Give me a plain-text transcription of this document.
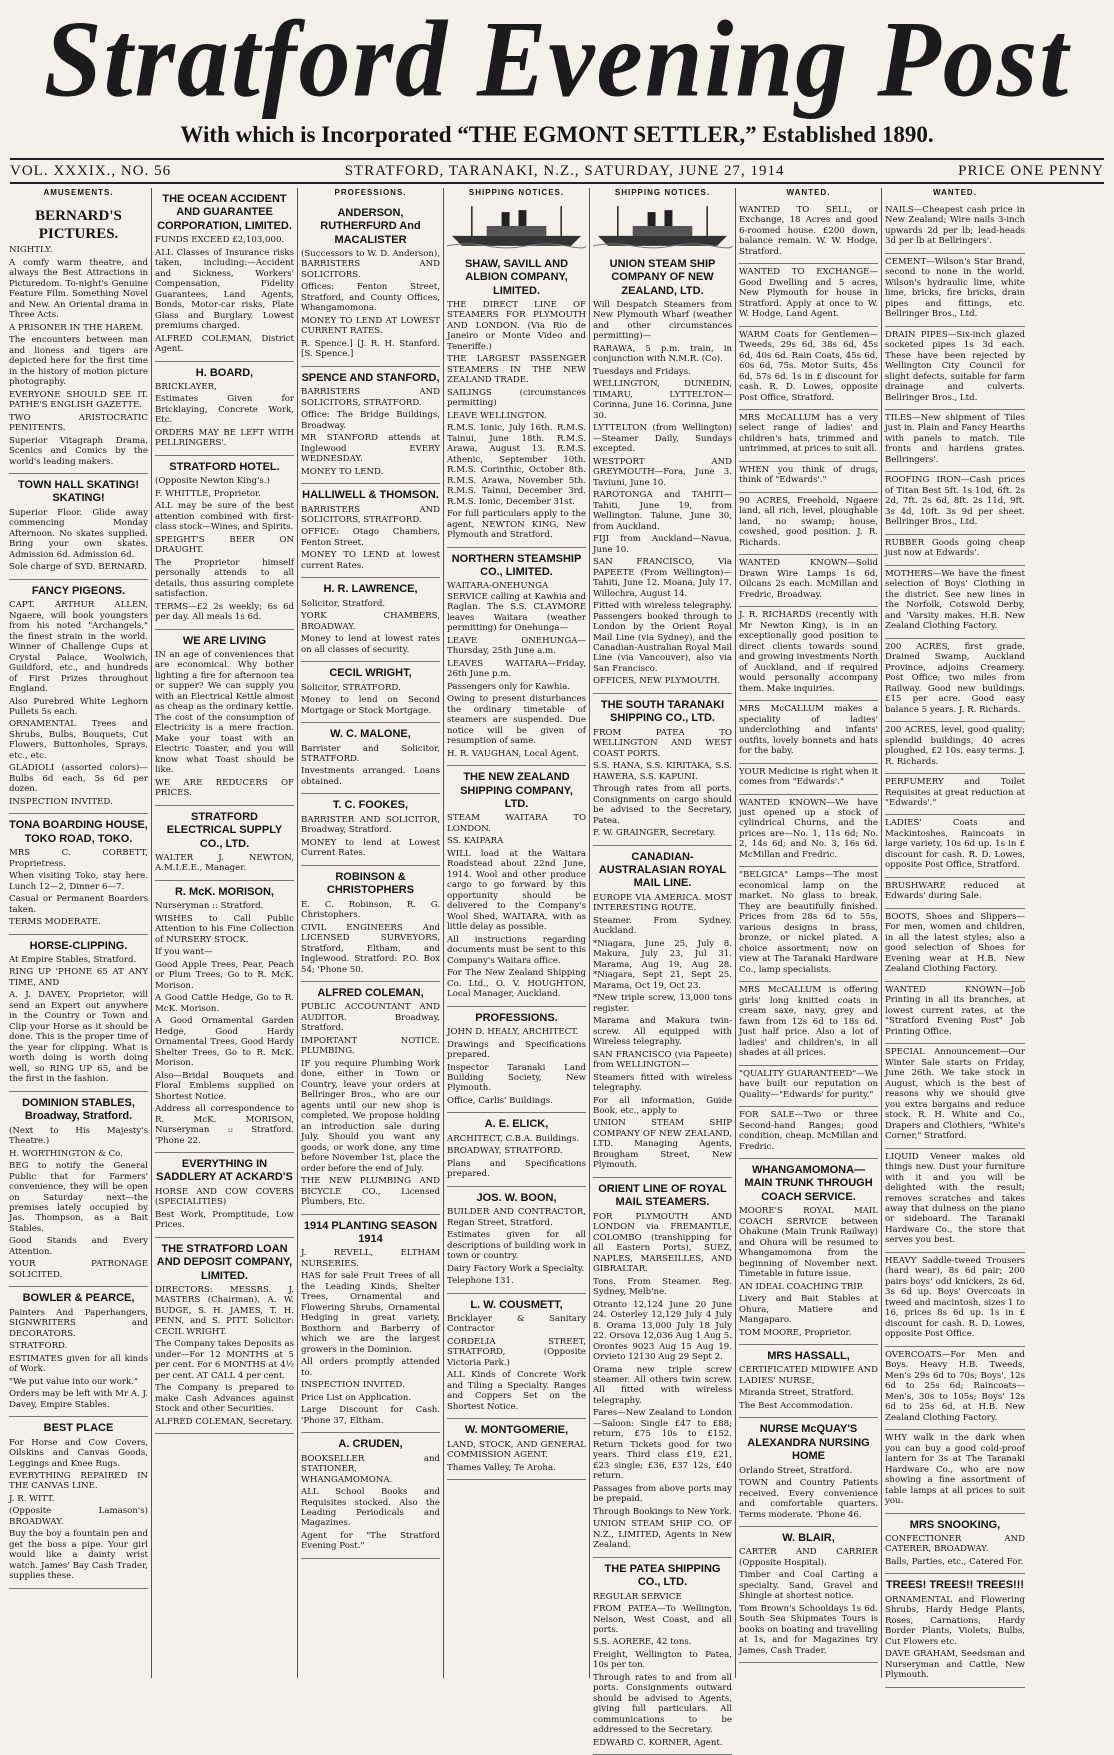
Stratford Evening Post
With which is Incorporated “THE EGMONT SETTLER,” Established 1890.
VOL. XXXIX., NO. 56	STRATFORD, TARANAKI, N.Z., SATURDAY, JUNE 27, 1914	PRICE ONE PENNY
AMUSEMENTS.
BERNARD'S PICTURES.

NIGHTLY.

A comfy warm theatre, and always the Best Attractions in Picturedom. To-night's Genuine Feature Film. Something Novel and New. An Oriental drama in Three Acts.

A PRISONER IN THE HAREM.

The encounters between man and lioness and tigers are depicted here for the first time in the history of motion picture photography.

EVERYONE SHOULD SEE IT. PATHE'S ENGLISH GAZETTE.

TWO ARISTOCRATIC PENITENTS.

Superior Vitagraph Drama, Scenics and Comics by the world's leading makers.

TOWN HALL SKATING! SKATING!

Superior Floor. Glide away commencing Monday Afternoon. No skates supplied. Bring your own skates. Admission 6d. Admission 6d.

Sole charge of SYD. BERNARD.

FANCY PIGEONS.

CAPT. ARTHUR ALLEN, Ngaere, will book youngsters from his noted "Archangels," the finest strain in the world. Winner of Challenge Cups at Crystal Palace, Woolwich, Guildford, etc., and hundreds of First Prizes throughout England.

Also Purebred White Leghorn Pullets 5s each.

ORNAMENTAL Trees and Shrubs, Bulbs, Bouquets, Cut Flowers, Buttonholes, Sprays, etc., etc.

GLADIOLI (assorted colors)—Bulbs 6d each, 5s 6d per dozen.

INSPECTION INVITED.

TONA BOARDING HOUSE, TOKO ROAD, TOKO.

MRS C. CORBETT, Proprietress.

When visiting Toko, stay here. Lunch 12—2, Dinner 6—7.

Casual or Permanent Boarders taken.

TERMS MODERATE.

HORSE-CLIPPING.

At Empire Stables, Stratford.

RING UP 'PHONE 65 AT ANY TIME, AND

A. J. DAVEY, Proprietor, will send an Expert out anywhere in the Country or Town and Clip your Horse as it should be done. This is the proper time of the year for clipping. What is worth doing is worth doing well, so RING UP 65, and be the first in the fashion.

DOMINION STABLES, Broadway, Stratford.

(Next to His Majesty's Theatre.)

H. WORTHINGTON & Co.

BEG to notify the General Public that for Farmers' convenience, they will be open on Saturday next—the premises lately occupied by Jas. Thompson, as a Bait Stables.

Good Stands and Every Attention.

YOUR PATRONAGE SOLICITED.

BOWLER & PEARCE,

Painters And Paperhangers, SIGNWRITERS and DECORATORS.

STRATFORD.

ESTIMATES given for all kinds of Work.

"We put value into our work."

Orders may be left with Mr A. J. Davey, Empire Stables.

BEST PLACE

For Horse and Cow Covers, Oilskins and Canvas Goods, Leggings and Knee Rugs.

EVERYTHING REPAIRED IN THE CANVAS LINE.

J. R. WITT.

(Opposite Lamason's) BROADWAY.

Buy the boy a fountain pen and get the boss a pipe. Your girl would like a dainty wrist watch. James' Bay Cash Trader, supplies these.

THE OCEAN ACCIDENT AND GUARANTEE CORPORATION, LIMITED.

FUNDS EXCEED £2,103,000.

ALL Classes of Insurance risks taken, including:—Accident and Sickness, Workers' Compensation, Fidelity Guarantees, Land Agents, Bonds, Motor-car risks, Plate Glass and Burglary. Lowest premiums charged.

ALFRED COLEMAN, District Agent.

H. BOARD,

BRICKLAYER,

Estimates Given for Bricklaying, Concrete Work, Etc.

ORDERS MAY BE LEFT WITH PELLRINGERS'.

STRATFORD HOTEL.

(Opposite Newton King's.)

F. WHITTLE, Proprietor.

ALL may be sure of the best attention combined with first-class stock—Wines, and Spirits.

SPEIGHT'S BEER ON DRAUGHT.

The Proprietor himself personally attends to all details, thus assuring complete satisfaction.

TERMS—£2 2s weekly; 6s 6d per day. All meals 1s 6d.

WE ARE LIVING

IN an age of conveniences that are economical. Why bother lighting a fire for afternoon tea or supper? We can supply you with an Electrical Kettle almost as cheap as the ordinary kettle. The cost of the consumption of Electricity is a mere fraction. Make your toast with an Electric Toaster, and you will know what Toast should be like.

WE ARE REDUCERS OF PRICES.

STRATFORD ELECTRICAL SUPPLY CO., LTD.

WALTER J. NEWTON, A.M.I.E.E., Manager.

R. McK. MORISON,

Nurseryman :: Stratford.

WISHES to Call Public Attention to his Fine Collection of NURSERY STOCK.

If you want—

Good Apple Trees, Pear, Peach or Plum Trees, Go to R. McK. Morison.

A Good Cattle Hedge, Go to R. McK. Morison.

A Good Ornamental Garden Hedge, Good Hardy Ornamental Trees, Good Hardy Shelter Trees, Go to R. McK. Morison.

Also—Bridal Bouquets and Floral Emblems supplied on Shortest Notice.

Address all correspondence to R. McK. MORISON, Nurseryman :: Stratford. 'Phone 22.

EVERYTHING IN SADDLERY AT ACKARD'S

HORSE AND COW COVERS (SPECIALITIES)

Best Work, Promptitude, Low Prices.

THE STRATFORD LOAN AND DEPOSIT COMPANY, LIMITED.

DIRECTORS: MESSRS. J. MASTERS (Chairman), A. W. BUDGE, S. H. JAMES, T. H. PENN, and S. PITT. Solicitor: CECIL WRIGHT.

The Company takes Deposits as under—For 12 MONTHS at 5 per cent. For 6 MONTHS at 4½ per cent. AT CALL 4 per cent.

The Company is prepared to make Cash Advances against Stock and other Securities.

ALFRED COLEMAN, Secretary.

PROFESSIONS.
ANDERSON, RUTHERFURD And MACALISTER

(Successors to W. D. Anderson), BARRISTERS AND SOLICITORS.

Offices: Fenton Street, Stratford, and County Offices, Whangamomona.

MONEY TO LEND AT LOWEST CURRENT RATES.

R. Spence.] [J. R. H. Stanford. [S. Spence.]

SPENCE AND STANFORD,

BARRISTERS AND SOLICITORS, STRATFORD.

Office: The Bridge Buildings, Broadway.

MR STANFORD attends at Inglewood EVERY WEDNESDAY.

MONEY TO LEND.

HALLIWELL & THOMSON.

BARRISTERS AND SOLICITORS, STRATFORD.

OFFICE: Otago Chambers, Fenton Street.

MONEY TO LEND at lowest current Rates.

H. R. LAWRENCE,

Solicitor, Stratford.

YORK CHAMBERS, BROADWAY.

Money to lend at lowest rates on all classes of security.

CECIL WRIGHT,

Solicitor, STRATFORD.

Money to lend on Second Mortgage or Stock Mortgage.

W. C. MALONE,

Barrister and Solicitor, STRATFORD.

Investments arranged. Loans obtained.

T. C. FOOKES,

BARRISTER AND SOLICITOR, Broadway, Stratford.

MONEY to lend at Lowest Current Rates.

ROBINSON & CHRISTOPHERS

E. C. Robinson, R. G. Christophers.

CIVIL ENGINEERS And LICENSED SURVEYORS, Stratford, Eltham, and Inglewood. Stratford: P.O. Box 54; 'Phone 50.

ALFRED COLEMAN,

PUBLIC ACCOUNTANT AND AUDITOR. Broadway, Stratford.

IMPORTANT NOTICE. PLUMBING.

IF you require Plumbing Work done, either in Town or Country, leave your orders at Bellringer Bros., who are our agents until our new shop is completed. We propose holding an introduction sale during July. Should you want any goods, or work done, any time before November 1st, place the order before the end of July.

THE NEW PLUMBING AND BICYCLE CO., Licensed Plumbers, Etc.

1914 PLANTING SEASON 1914

J. REVELL, ELTHAM NURSERIES.

HAS for sale Fruit Trees of all the Leading Kinds, Shelter Trees, Ornamental and Flowering Shrubs, Ornamental Hedging in great variety, Boxthorn and Barberry of which we are the largest growers in the Dominion.

All orders promptly attended to.

INSPECTION INVITED.

Price List on Application.

Large Discount for Cash. 'Phone 37, Eltham.

A. CRUDEN,

BOOKSELLER and STATIONER, WHANGAMOMONA.

ALL School Books and Requisites stocked. Also the Leading Periodicals and Magazines.

Agent for "The Stratford Evening Post."

SHIPPING NOTICES.
SHAW, SAVILL AND ALBION COMPANY, LIMITED.

THE DIRECT LINE OF STEAMERS FOR PLYMOUTH AND LONDON. (Via Rio de Janeiro or Monte Video and Teneriffe.)

THE LARGEST PASSENGER STEAMERS IN THE NEW ZEALAND TRADE.

SAILINGS (circumstances permitting)

LEAVE WELLINGTON.

R.M.S. Ionic, July 16th. R.M.S. Tainui, June 18th. R.M.S. Arawa, August 13. R.M.S. Athenic, September 10th. R.M.S. Corinthic, October 8th. R.M.S. Arawa, November 5th. R.M.S. Tainui, December 3rd. R.M.S. Ionic, December 31st.

For full particulars apply to the agent, NEWTON KING, New Plymouth and Stratford.

NORTHERN STEAMSHIP CO., LIMITED.

WAITARA-ONEHUNGA SERVICE calling at Kawhia and Raglan. The S.S. CLAYMORE leaves Waitara (weather permitting) for Onehunga—

LEAVE ONEHUNGA—Thursday, 25th June a.m.

LEAVES WAITARA—Friday, 26th June p.m.

Passengers only for Kawhia.

Owing to present disturbances the ordinary timetable of steamers are suspended. Due notice will be given of resumption of same.

H. R. VAUGHAN, Local Agent.

THE NEW ZEALAND SHIPPING COMPANY, LTD.

STEAM WAITARA TO LONDON.

SS. KAIPARA

WILL load at the Waitara Roadstead about 22nd June, 1914. Wool and other produce cargo to go forward by this opportunity should be delivered to the Company's Wool Shed, WAITARA, with as little delay as possible.

All instructions regarding documents must be sent to this Company's Waitara office.

For The New Zealand Shipping Co. Ltd., O. V. HOUGHTON, Local Manager, Auckland.

PROFESSIONS.

JOHN D. HEALY, ARCHITECT.

Drawings and Specifications prepared.

Inspector Taranaki Land Building Society, New Plymouth.

Office, Carlis' Buildings.

A. E. ELICK,

ARCHITECT, C.B.A. Buildings.

BROADWAY, STRATFORD.

Plans and Specifications prepared.

JOS. W. BOON,

BUILDER AND CONTRACTOR, Regan Street, Stratford.

Estimates given for all descriptions of building work in town or country.

Dairy Factory Work a Specialty.

Telephone 131.

L. W. COUSMETT,

Bricklayer & Sanitary Contractor

CORDELIA STREET, STRATFORD, (Opposite Victoria Park.)

ALL Kinds of Concrete Work and Tiling a Specialty. Ranges and Coppers Set on the Shortest Notice.

W. MONTGOMERIE,

LAND, STOCK, AND GENERAL COMMISSION AGENT.

Thames Valley, Te Aroha.

SHIPPING NOTICES.
UNION STEAM SHIP COMPANY OF NEW ZEALAND, LTD.

Will Despatch Steamers from New Plymouth Wharf (weather and other circumstances permitting)—

RARAWA, 5 p.m. train, in conjunction with N.M.R. (Co).

Tuesdays and Fridays.

WELLINGTON, DUNEDIN, TIMARU, LYTTELTON—Corinna, June 16. Corinna, June 30.

LYTTELTON (from Wellington)—Steamer Daily, Sundays excepted.

WESTPORT AND GREYMOUTH—Fora, June 3. Taviuni, June 10.

RAROTONGA and TAHITI—Tahiti, June 19, from Wellington. Talune, June 30, from Auckland.

FIJI from Auckland—Navua, June 10.

SAN FRANCISCO, Via PAPEETE (From Wellington)—Tahiti, June 12. Moana, July 17. Willochra, August 14.

Fitted with wireless telegraphy. Passengers booked through to London by the Orient Royal Mail Line (via Sydney), and the Canadian-Australian Royal Mail Line (via Vancouver), also via San Francisco.

OFFICES, NEW PLYMOUTH.

THE SOUTH TARANAKI SHIPPING CO., LTD.

FROM PATEA TO WELLINGTON AND WEST COAST PORTS.

S.S. HANA, S.S. KIRITAKA, S.S. HAWERA, S.S. KAPUNI.

Through rates from all ports. Consignments on cargo should be advised to the Secretary, Patea.

F. W. GRAINGER, Secretary.

CANADIAN-AUSTRALASIAN ROYAL MAIL LINE.

EUROPE VIA AMERICA. MOST INTERESTING ROUTE.

Steamer. From Sydney. Auckland.

*Niagara, June 25, July 8. Makura, July 23, Jul 31. Marama, Aug 19, Aug 28. *Niagara, Sept 21, Sept 25. Marama, Oct 19, Oct 23.

*New triple screw, 13,000 tons register.

Marama and Makura twin-screw. All equipped with Wireless telegraphy.

SAN FRANCISCO (via Papeete) from WELLINGTON—

Steamers fitted with wireless telegraphy.

For all information, Guide Book, etc., apply to

UNION STEAM SHIP COMPANY OF NEW ZEALAND, LTD. Managing Agents, Brougham Street, New Plymouth.

ORIENT LINE OF ROYAL MAIL STEAMERS.

FOR PLYMOUTH AND LONDON via FREMANTLE, COLOMBO (transhipping for all Eastern Ports), SUEZ, NAPLES, MARSEILLES, AND GIBRALTAR.

Tons. From Steamer. Reg. Sydney, Melb'ne.

Otranto 12,124 June 20 June 24. Osterley 12,129 July 4 July 8. Orama 13,000 July 18 July 22. Orsova 12,036 Aug 1 Aug 5. Orontes 9023 Aug 15 Aug 19. Orvieto 12130 Aug 29 Sept 2.

Orama new triple screw steamer. All others twin screw. All fitted with wireless telegraphy.

Fares—New Zealand to London—Saloon: Single £47 to £88; return, £75 10s to £152. Return Tickets good for two years. Third class £19, £21, £23 single; £36, £37 12s, £40 return.

Passages from above ports may be prepaid.

Through Bookings to New York.

UNION STEAM SHIP CO. OF N.Z., LIMITED, Agents in New Zealand.

THE PATEA SHIPPING CO., LTD.

REGULAR SERVICE

FROM PATEA—To Wellington, Nelson, West Coast, and all ports.

S.S. AORERE, 42 tons.

Freight, Wellington to Patea, 10s per ton.

Through rates to and from all ports. Consignments outward should be advised to Agents, giving full particulars. All communications to be addressed to the Secretary.

EDWARD C. KORNER, Agent.

WANTED.

WANTED TO SELL, or Exchange, 18 Acres and good 6-roomed house. £200 down, balance remain. W. W. Hodge, Stratford.

WANTED TO EXCHANGE—Good Dwelling and 5 acres, New Plymouth for house in Stratford. Apply at once to W. W. Hodge, Land Agent.

WARM Coats for Gentlemen—Tweeds, 29s 6d, 38s 6d, 45s 6d, 40s 6d. Rain Coats, 45s 6d, 60s 6d, 75s. Motor Suits, 45s 6d, 57s 6d. 1s in £ discount for cash. R. D. Lowes, opposite Post Office, Stratford.

MRS McCALLUM has a very select range of ladies' and children's hats, trimmed and untrimmed, at prices to suit all.

WHEN you think of drugs, think of "Edwards'."

90 ACRES, Freehold, Ngaere land, all rich, level, ploughable land, no swamp; house, cowshed, good position. J. R. Richards.

WANTED KNOWN—Solid Drawn Wire Lamps 1s 6d, Oilcans 2s each. McMillan and Fredric, Broadway.

J. R. RICHARDS (recently with Mr Newton King), is in an exceptionally good position to direct clients towards sound and growing investments North of Auckland, and if required would personally accompany them. Make inquiries.

MRS McCALLUM makes a speciality of ladies' underclothing and infants' outfits, lovely bonnets and hats for the baby.

YOUR Medicine is right when it comes from "Edwards'."

WANTED KNOWN—We have just opened up a stock of cylindrical Churns, and the prices are—No. 1, 11s 6d; No. 2, 14s 6d; and No. 3, 16s 6d. McMillan and Fredric.

"BELGICA" Lamps—The most economical lamp on the market. No glass to break. They are beautifully finished. Prices from 28s 6d to 55s, various designs in brass, bronze, or nickel plated. A choice assortment; now on view at The Taranaki Hardware Co., lamp specialists.

MRS McCALLUM is offering girls' long knitted coats in cream saxe, navy, grey and fawn from 12s 6d to 18s 6d. Just half price. Also a lot of ladies' and children's, in all shades at all prices.

"QUALITY GUARANTEED"—We have built our reputation on Quality—"Edwards' for purity."

FOR SALE—Two or three Second-hand Ranges; good condition, cheap. McMillan and Fredric.

WHANGAMOMONA—MAIN TRUNK THROUGH COACH SERVICE.

MOORE'S ROYAL MAIL COACH SERVICE between Ohakune (Main Trunk Railway) and Ohura will be resumed to Whangamomona from the beginning of November next. Timetable in future issue.

AN IDEAL COACHING TRIP.

Livery and Bait Stables at Ohura, Matiere and Mangaparo.

TOM MOORE, Proprietor.

MRS HASSALL,

CERTIFICATED MIDWIFE AND LADIES' NURSE,

Miranda Street, Stratford.

The Best Accommodation.

NURSE McQUAY'S ALEXANDRA NURSING HOME

Orlando Street, Stratford.

TOWN and Country Patients received. Every convenience and comfortable quarters. Terms moderate. 'Phone 46.

W. BLAIR,

CARTER AND CARRIER (Opposite Hospital).

Timber and Coal Carting a specialty. Sand, Gravel and Shingle at shortest notice.

Tom Brown's Schooldays 1s 6d. South Sea Shipmates Tours is books on boating and travelling at 1s, and for Magazines try James, Cash Trader.

WANTED.

NAILS—Cheapest cash price in New Zealand; Wire nails 3-inch upwards 2d per lb; lead-heads 3d per lb at Bellringers'.

CEMENT—Wilson's Star Brand, second to none in the world. Wilson's hydraulic lime, white lime, bricks, fire bricks, drain pipes and fittings, etc. Bellringer Bros., Ltd.

DRAIN PIPES—Six-inch glazed socketed pipes 1s 3d each. These have been rejected by Wellington City Council for slight defects, suitable for farm drainage and culverts. Bellringer Bros., Ltd.

TILES—New shipment of Tiles just in. Plain and Fancy Hearths with panels to match. Tile fronts and hardens grates. Bellringers'.

ROOFING IRON—Cash prices of Titan Best 5ft. 1s 10d, 6ft. 2s 2d, 7ft. 2s 6d, 8ft. 2s 11d, 9ft. 3s 4d, 10ft. 3s 9d per sheet. Bellringer Bros., Ltd.

RUBBER Goods going cheap just now at Edwards'.

MOTHERS—We have the finest selection of Boys' Clothing in the district. See new lines in the Norfolk, Cotswold Derby, and 'Varsity makes. H.B. New Zealand Clothing Factory.

200 ACRES, first grade, Drained Swamp, Auckland Province, adjoins Creamery. Post Office; two miles from Railway. Good new buildings. £15 per acre. Good easy balance 5 years. J. R. Richards.

200 ACRES, level, good quality; splendid buildings, 40 acres ploughed, £2 10s. easy terms. J. R. Richards.

PERFUMERY and Toilet Requisites at great reduction at "Edwards'."

LADIES' Coats and Mackintoshes, Raincoats in large variety, 10s 6d up. 1s in £ discount for cash. R. D. Lowes, opposite Post Office, Stratford.

BRUSHWARE reduced at Edwards' during Sale.

BOOTS, Shoes and Slippers—For men, women and children, in all the latest styles; also a good selection of Shoes for Evening wear at H.B. New Zealand Clothing Factory.

WANTED KNOWN—Job Printing in all its branches, at lowest current rates, at the "Stratford Evening Post" Job Printing Office.

SPECIAL Announcement—Our Winter Sale starts on Friday, June 26th. We take stock in August, which is the best of reasons why we should give you extra bargains and reduce stock. R. H. White and Co., Drapers and Clothiers, "White's Corner," Stratford.

LIQUID Veneer makes old things new. Dust your furniture with it and you will be delighted with the result; removes scratches and takes away that dulness on the piano or sideboard. The Taranaki Hardware Co., the store that serves you best.

HEAVY Saddle-tweed Trousers (hard wear), 8s 6d pair; 200 pairs boys' odd knickers, 2s 6d, 3s 6d up. Boys' Overcoats in tweed and macintosh, sizes 1 to 16, prices 8s 6d up. 1s in £ discount for cash. R. D. Lowes, opposite Post Office.

OVERCOATS—For Men and Boys. Heavy H.B. Tweeds, Men's 29s 6d to 70s; Boys', 12s 6d to 25s 6d; Raincoats—Men's, 30s to 105s; Boys' 12s 6d to 25s 6d, at H.B. New Zealand Clothing Factory.

WHY walk in the dark when you can buy a good cold-proof lantern for 3s at The Taranaki Hardware Co., who are now showing a fine assortment of table lamps at all prices to suit you.

MRS SNOOKING,

CONFECTIONER AND CATERER, BROADWAY.

Balls, Parties, etc., Catered For.

TREES! TREES!! TREES!!!

ORNAMENTAL and Flowering Shrubs, Hardy Hedge Plants, Roses, Carnations, Hardy Border Plants, Violets, Bulbs, Cut Flowers etc.

DAVE GRAHAM, Seedsman and Nurseryman and Cattle, New Plymouth.
